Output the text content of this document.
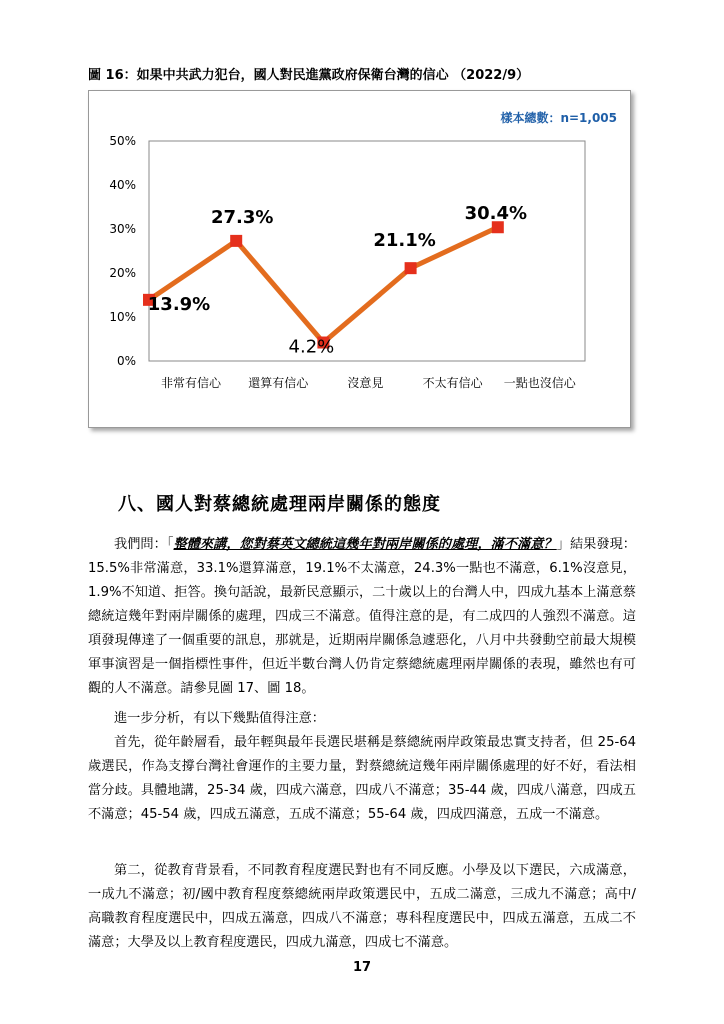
圖 16：如果中共武力犯台，國人對民進黨政府保衛台灣的信心 （2022/9）
樣本總數：n=1,005
0%
10%
20%
30%
40%
50%
非常有信心 還算有信心	沒意見	不太有信心 一點也沒信心
13.9%
27.3%
4.2%
21.1%
30.4%
八、國人對蔡總統處理兩岸關係的態度

我們問：「整體來講，您對蔡英文總統這幾年對兩岸關係的處理，滿不滿意？」結果發現：15.5%非常滿意，33.1%還算滿意，19.1%不太滿意，24.3%一點也不滿意，6.1%沒意見，1.9%不知道、拒答。換句話說，最新民意顯示，二十歲以上的台灣人中，四成九基本上滿意蔡總統這幾年對兩岸關係的處理，四成三不滿意。值得注意的是，有二成四的人強烈不滿意。這項發現傳達了一個重要的訊息，那就是，近期兩岸關係急遽惡化，八月中共發動空前最大規模軍事演習是一個指標性事件，但近半數台灣人仍肯定蔡總統處理兩岸關係的表現，雖然也有可觀的人不滿意。請參見圖 17、圖 18。

進一步分析，有以下幾點值得注意：

首先，從年齡層看，最年輕與最年長選民堪稱是蔡總統兩岸政策最忠實支持者，但 25-64 歲選民，作為支撐台灣社會運作的主要力量，對蔡總統這幾年兩岸關係處理的好不好，看法相當分歧。具體地講，25-34 歲，四成六滿意，四成八不滿意；35-44 歲，四成八滿意，四成五不滿意；45-54 歲，四成五滿意，五成不滿意；55-64 歲，四成四滿意，五成一不滿意。

第二，從教育背景看，不同教育程度選民對也有不同反應。小學及以下選民，六成滿意，一成九不滿意；初/國中教育程度蔡總統兩岸政策選民中，五成二滿意，三成九不滿意；高中/高職教育程度選民中，四成五滿意，四成八不滿意；專科程度選民中，四成五滿意，五成二不滿意；大學及以上教育程度選民，四成九滿意，四成七不滿意。

17
